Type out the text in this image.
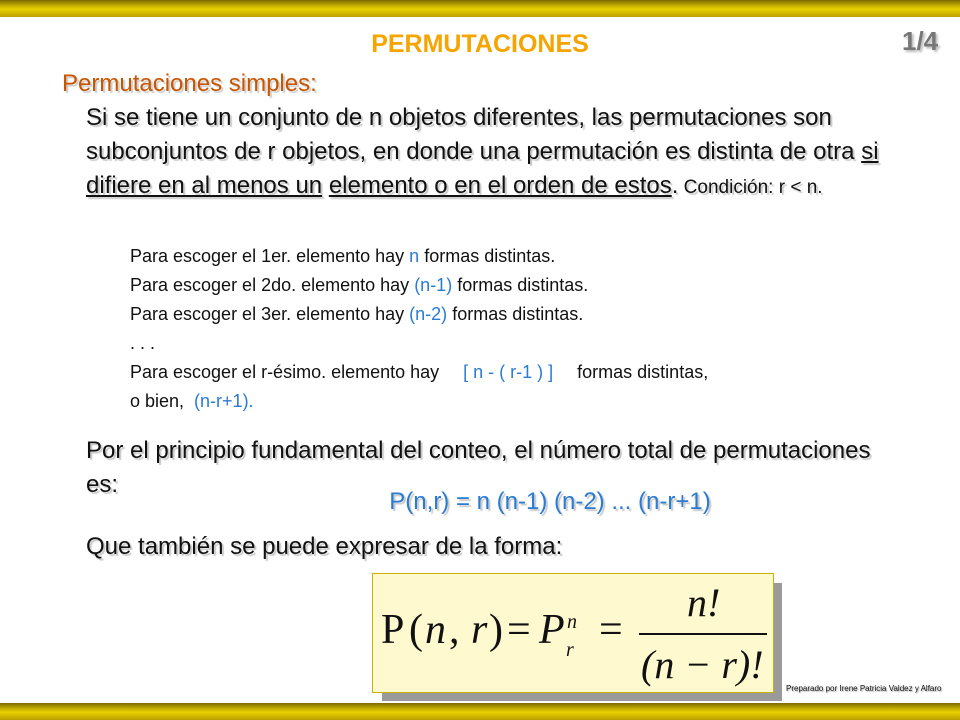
PERMUTACIONES	1/4
Permutaciones simples:
Si se tiene un conjunto de n objetos diferentes, las permutaciones son subconjuntos de r objetos, en donde una permutación es distinta de otra si difiere en al menos un elemento o en el orden de estos. Condición: r < n.
Para escoger el 1er. elemento hay n formas distintas.
Para escoger el 2do. elemento hay (n-1) formas distintas.
Para escoger el 3er. elemento hay (n-2) formas distintas.
. . .
Para escoger el r-ésimo. elemento hay [ n - ( r-1 ) ] formas distintas,
o bien, (n-r+1).
Por el principio fundamental del conteo, el número total de permutaciones es:
P(n,r) = n (n-1) (n-2) ... (n-r+1)
Que también se puede expresar de la forma:
P ( n , r ) = P n
r =
n!
(n − r)!
Preparado por Irene Patricia Valdez y Alfaro
